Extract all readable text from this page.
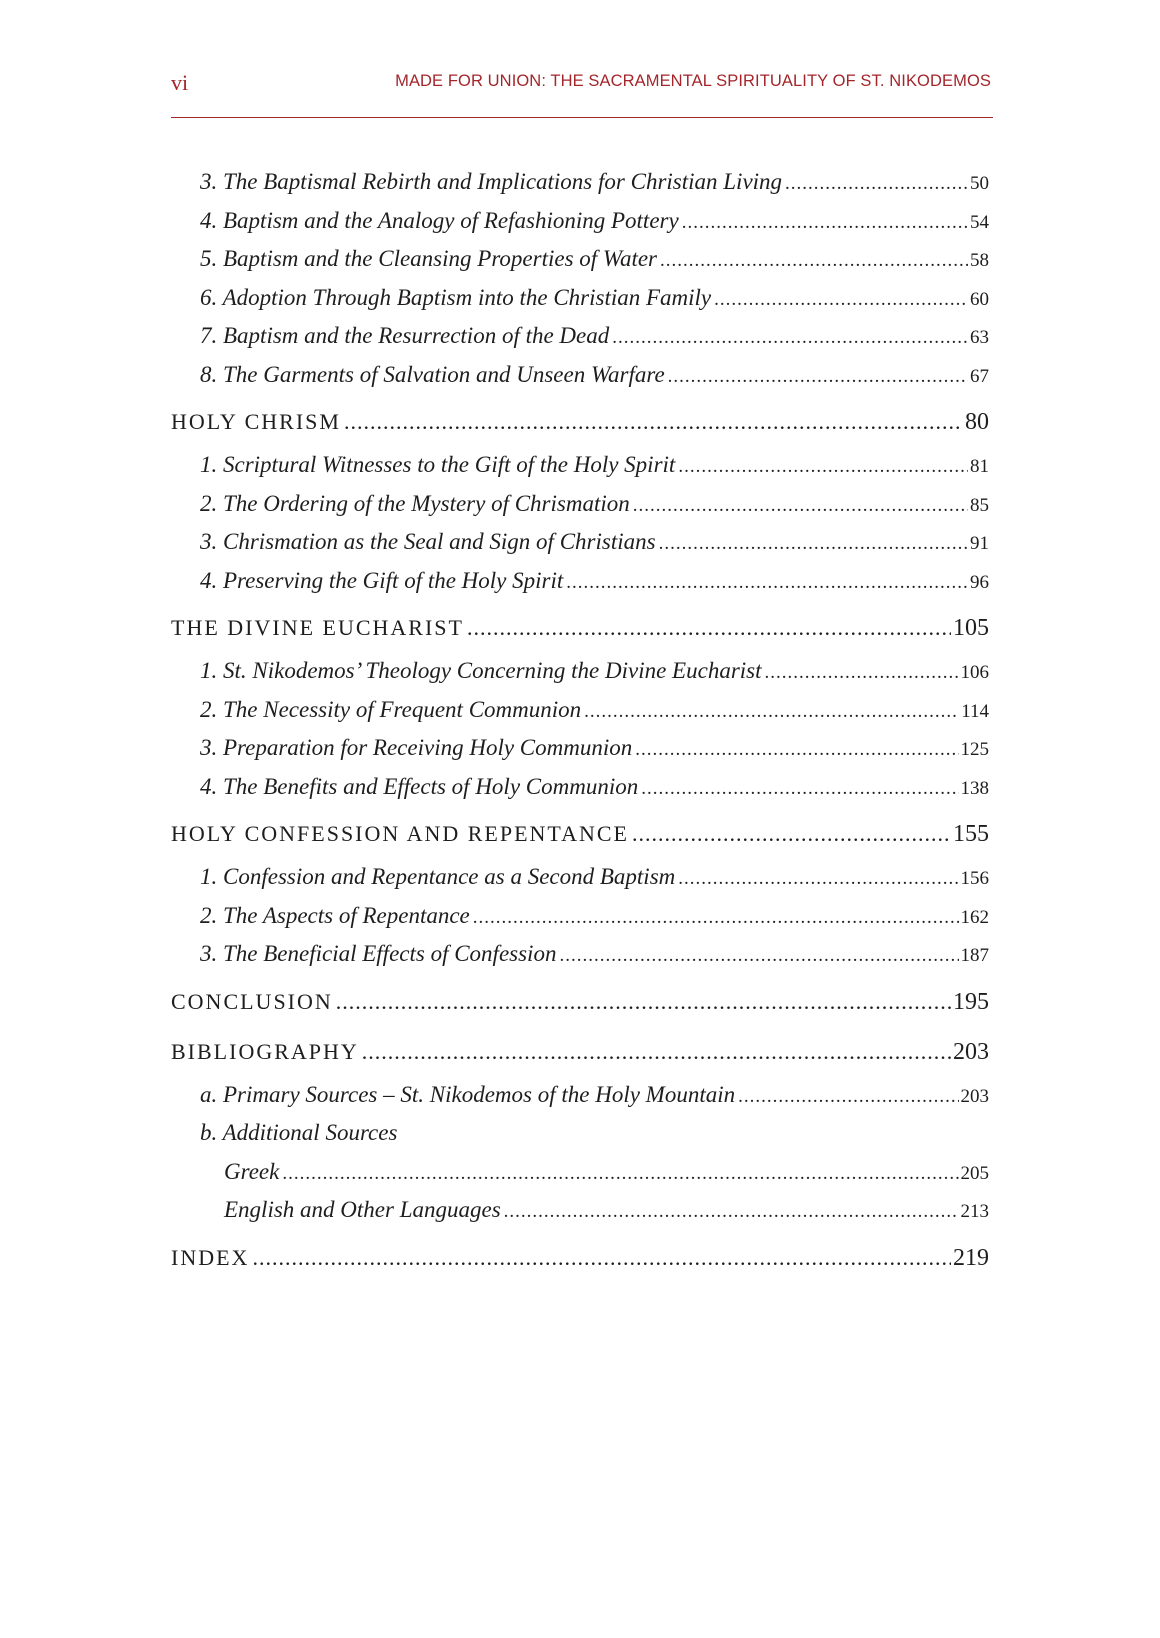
vi	MADE FOR UNION: THE SACRAMENTAL SPIRITUALITY OF ST. NIKODEMOS
3. The Baptismal Rebirth and Implications for Christian Living .....	50
4. Baptism and the Analogy of Refashioning Pottery .....	54
5. Baptism and the Cleansing Properties of Water .....	58
6. Adoption Through Baptism into the Christian Family .....	60
7. Baptism and the Resurrection of the Dead .....	63
8. The Garments of Salvation and Unseen Warfare .....	67
HOLY CHRISM .....	80
1. Scriptural Witnesses to the Gift of the Holy Spirit .....	81
2. The Ordering of the Mystery of Chrismation .....	85
3. Chrismation as the Seal and Sign of Christians .....	91
4. Preserving the Gift of the Holy Spirit .....	96
THE DIVINE EUCHARIST .....	105
1. St. Nikodemos’ Theology Concerning the Divine Eucharist .....	106
2. The Necessity of Frequent Communion .....	114
3. Preparation for Receiving Holy Communion .....	125
4. The Benefits and Effects of Holy Communion .....	138
HOLY CONFESSION AND REPENTANCE .....	155
1. Confession and Repentance as a Second Baptism .....	156
2. The Aspects of Repentance .....	162
3. The Beneficial Effects of Confession .....	187
CONCLUSION .....	195
BIBLIOGRAPHY .....	203
a. Primary Sources – St. Nikodemos of the Holy Mountain .....	203
b. Additional Sources
Greek .....	205
English and Other Languages .....	213
INDEX .....	219
